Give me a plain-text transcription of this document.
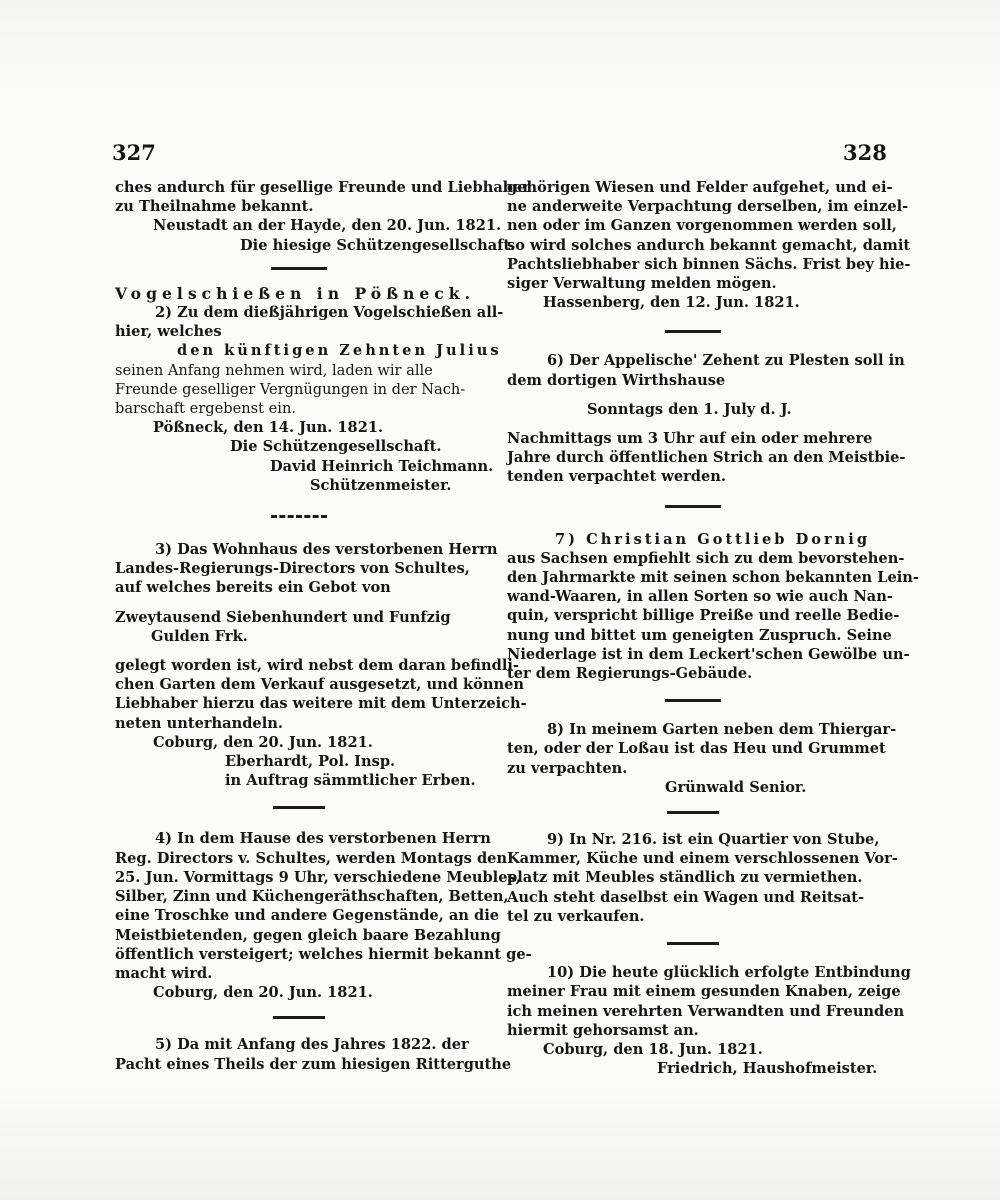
327	328

ches andurch für gesellige Freunde und Liebhaber

zu Theilnahme bekannt.

Neustadt an der Hayde, den 20. Jun. 1821.

Die hiesige Schützengesellschaft.

Vogelschießen in Pößneck.

2) Zu dem dießjährigen Vogelschießen all-

hier, welches

den künftigen Zehnten Julius

seinen Anfang nehmen wird, laden wir alle

Freunde geselliger Vergnügungen in der Nach-

barschaft ergebenst ein.

Pößneck, den 14. Jun. 1821.

Die Schützengesellschaft.

David Heinrich Teichmann.

Schützenmeister.

3) Das Wohnhaus des verstorbenen Herrn

Landes-Regierungs-Directors von Schultes,

auf welches bereits ein Gebot von

Zweytausend Siebenhundert und Funfzig

Gulden Frk.

gelegt worden ist, wird nebst dem daran befindli-

chen Garten dem Verkauf ausgesetzt, und können

Liebhaber hierzu das weitere mit dem Unterzeich-

neten unterhandeln.

Coburg, den 20. Jun. 1821.

Eberhardt, Pol. Insp.

in Auftrag sämmtlicher Erben.

4) In dem Hause des verstorbenen Herrn

Reg. Directors v. Schultes, werden Montags den

25. Jun. Vormittags 9 Uhr, verschiedene Meubles,

Silber, Zinn und Küchengeräthschaften, Betten,

eine Troschke und andere Gegenstände, an die

Meistbietenden, gegen gleich baare Bezahlung

öffentlich versteigert; welches hiermit bekannt ge-

macht wird.

Coburg, den 20. Jun. 1821.

5) Da mit Anfang des Jahres 1822. der

Pacht eines Theils der zum hiesigen Ritterguthe

gehörigen Wiesen und Felder aufgehet, und ei-

ne anderweite Verpachtung derselben, im einzel-

nen oder im Ganzen vorgenommen werden soll,

so wird solches andurch bekannt gemacht, damit

Pachtsliebhaber sich binnen Sächs. Frist bey hie-

siger Verwaltung melden mögen.

Hassenberg, den 12. Jun. 1821.

6) Der Appelische' Zehent zu Plesten soll in

dem dortigen Wirthshause

Sonntags den 1. July d. J.

Nachmittags um 3 Uhr auf ein oder mehrere

Jahre durch öffentlichen Strich an den Meistbie-

tenden verpachtet werden.

7) Christian Gottlieb Dornig

aus Sachsen empfiehlt sich zu dem bevorstehen-

den Jahrmarkte mit seinen schon bekannten Lein-

wand-Waaren, in allen Sorten so wie auch Nan-

quin, verspricht billige Preiße und reelle Bedie-

nung und bittet um geneigten Zuspruch. Seine

Niederlage ist in dem Leckert'schen Gewölbe un-

ter dem Regierungs-Gebäude.

8) In meinem Garten neben dem Thiergar-

ten, oder der Loßau ist das Heu und Grummet

zu verpachten.

Grünwald Senior.

9) In Nr. 216. ist ein Quartier von Stube,

Kammer, Küche und einem verschlossenen Vor-

platz mit Meubles ständlich zu vermiethen.

Auch steht daselbst ein Wagen und Reitsat-

tel zu verkaufen.

10) Die heute glücklich erfolgte Entbindung

meiner Frau mit einem gesunden Knaben, zeige

ich meinen verehrten Verwandten und Freunden

hiermit gehorsamst an.

Coburg, den 18. Jun. 1821.

Friedrich, Haushofmeister.
